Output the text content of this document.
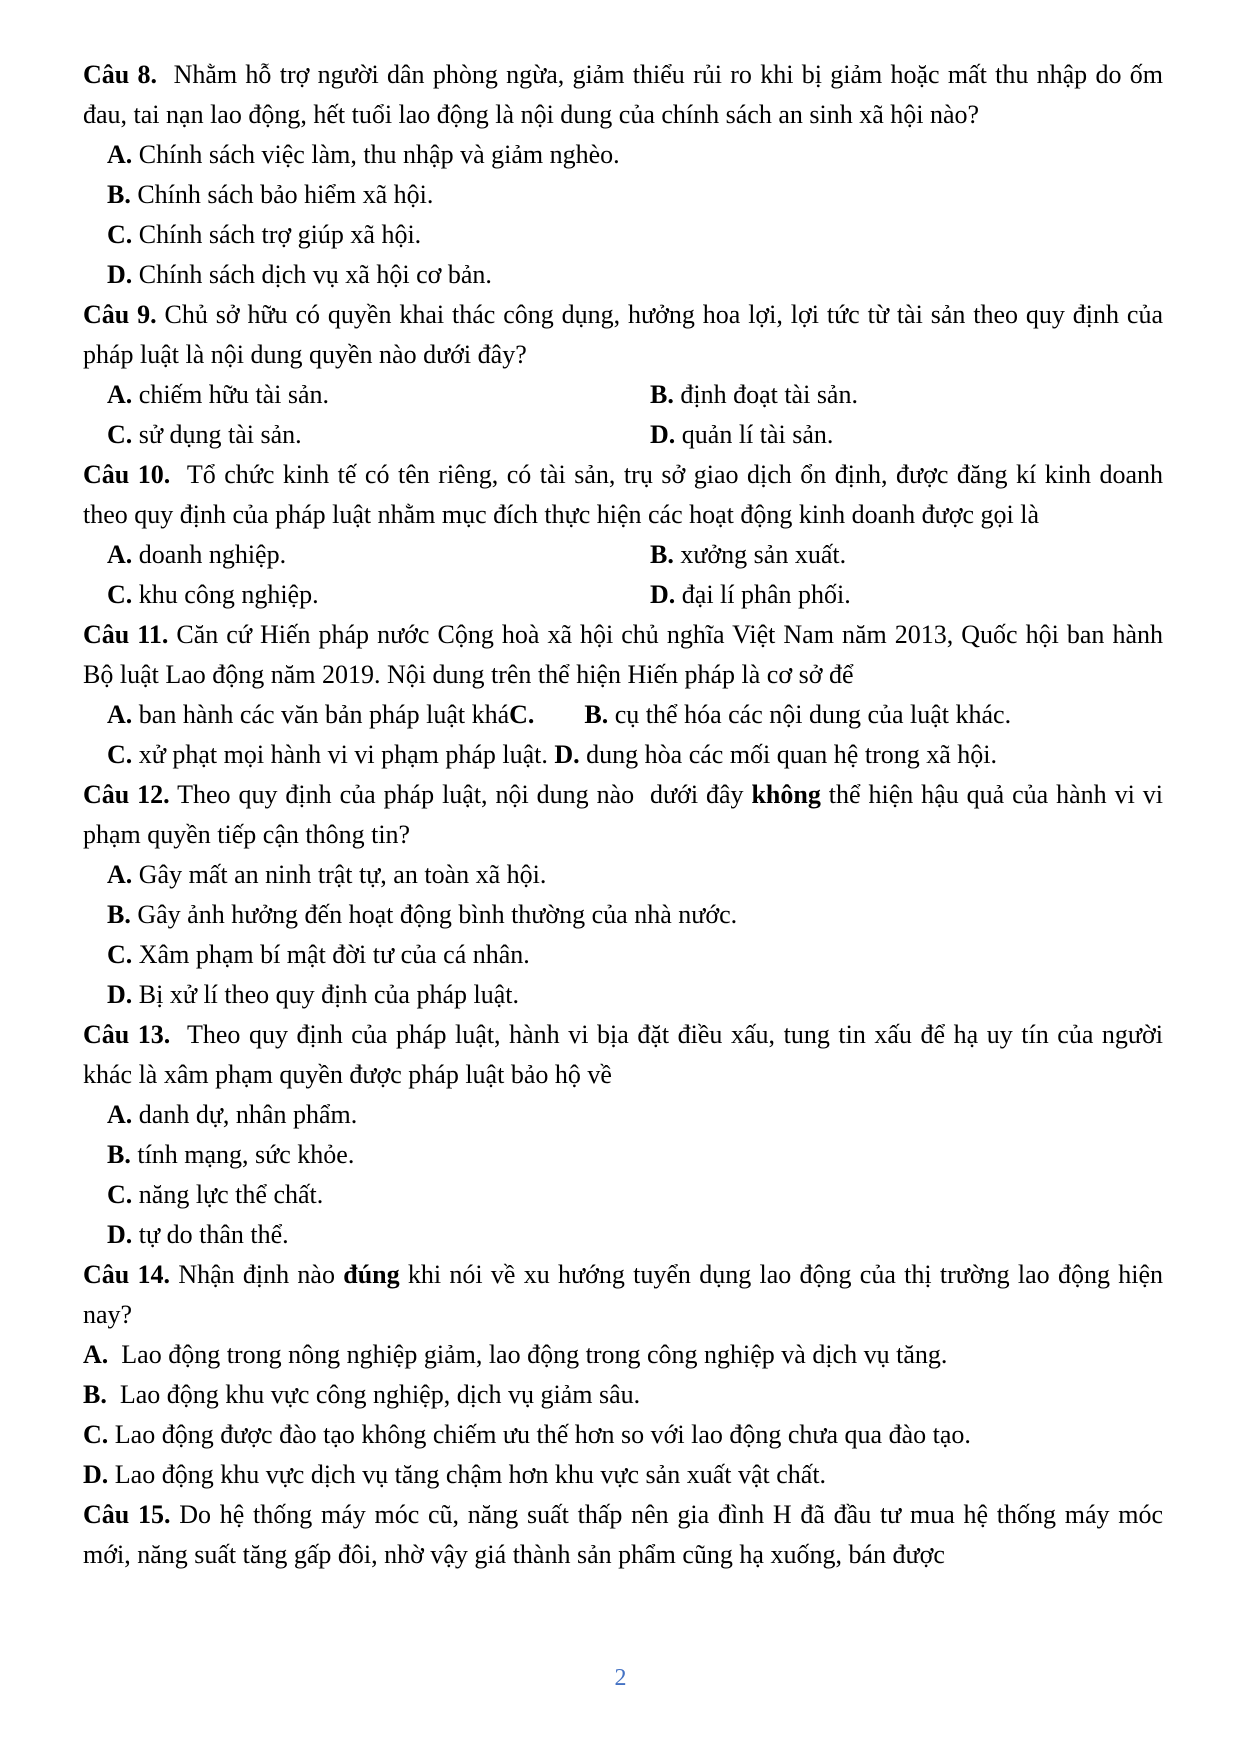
Câu 8.  Nhằm hỗ trợ người dân phòng ngừa, giảm thiểu rủi ro khi bị giảm hoặc mất thu nhập do ốm đau, tai nạn lao động, hết tuổi lao động là nội dung của chính sách an sinh xã hội nào?

A. Chính sách việc làm, thu nhập và giảm nghèo.

B. Chính sách bảo hiểm xã hội.

C. Chính sách trợ giúp xã hội.

D. Chính sách dịch vụ xã hội cơ bản.

Câu 9. Chủ sở hữu có quyền khai thác công dụng, hưởng hoa lợi, lợi tức từ tài sản theo quy định của pháp luật là nội dung quyền nào dưới đây?

A. chiếm hữu tài sản.	B. định đoạt tài sản.

C. sử dụng tài sản.	D. quản lí tài sản.

Câu 10.  Tổ chức kinh tế có tên riêng, có tài sản, trụ sở giao dịch ổn định, được đăng kí kinh doanh theo quy định của pháp luật nhằm mục đích thực hiện các hoạt động kinh doanh được gọi là

A. doanh nghiệp.	B. xưởng sản xuất.

C. khu công nghiệp.	D. đại lí phân phối.

Câu 11. Căn cứ Hiến pháp nước Cộng hoà xã hội chủ nghĩa Việt Nam năm 2013, Quốc hội ban hành Bộ luật Lao động năm 2019. Nội dung trên thể hiện Hiến pháp là cơ sở để

A. ban hành các văn bản pháp luật kháC. B. cụ thể hóa các nội dung của luật khác.

C. xử phạt mọi hành vi vi phạm pháp luật. D. dung hòa các mối quan hệ trong xã hội.

Câu 12. Theo quy định của pháp luật, nội dung nào  dưới đây không thể hiện hậu quả của hành vi vi phạm quyền tiếp cận thông tin?

A. Gây mất an ninh trật tự, an toàn xã hội.

B. Gây ảnh hưởng đến hoạt động bình thường của nhà nước.

C. Xâm phạm bí mật đời tư của cá nhân.

D. Bị xử lí theo quy định của pháp luật.

Câu 13.  Theo quy định của pháp luật, hành vi bịa đặt điều xấu, tung tin xấu để hạ uy tín của người khác là xâm phạm quyền được pháp luật bảo hộ về

A. danh dự, nhân phẩm.

B. tính mạng, sức khỏe.

C. năng lực thể chất.

D. tự do thân thể.

Câu 14. Nhận định nào đúng khi nói về xu hướng tuyển dụng lao động của thị trường lao động hiện nay?

A.  Lao động trong nông nghiệp giảm, lao động trong công nghiệp và dịch vụ tăng.

B.  Lao động khu vực công nghiệp, dịch vụ giảm sâu.

C. Lao động được đào tạo không chiếm ưu thế hơn so với lao động chưa qua đào tạo.

D. Lao động khu vực dịch vụ tăng chậm hơn khu vực sản xuất vật chất.

Câu 15. Do hệ thống máy móc cũ, năng suất thấp nên gia đình H đã đầu tư mua hệ thống máy móc mới, năng suất tăng gấp đôi, nhờ vậy giá thành sản phẩm cũng hạ xuống, bán được

2
